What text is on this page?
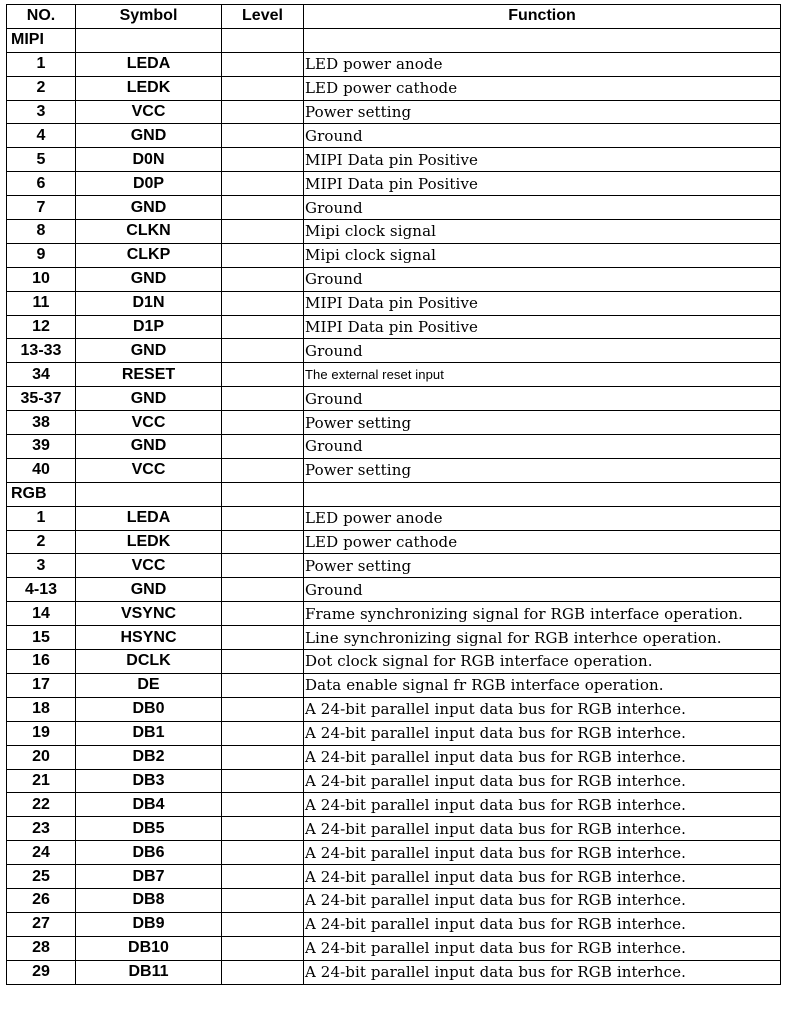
NO.	Symbol	Level	Function
MIPI			
1	LEDA		LED power anode
2	LEDK		LED power cathode
3	VCC		Power setting
4	GND		Ground
5	D0N		MIPI Data pin Positive
6	D0P		MIPI Data pin Positive
7	GND		Ground
8	CLKN		Mipi clock signal
9	CLKP		Mipi clock signal
10	GND		Ground
11	D1N		MIPI Data pin Positive
12	D1P		MIPI Data pin Positive
13-33	GND		Ground
34	RESET		The external reset input
35-37	GND		Ground
38	VCC		Power setting
39	GND		Ground
40	VCC		Power setting
RGB			
1	LEDA		LED power anode
2	LEDK		LED power cathode
3	VCC		Power setting
4-13	GND		Ground
14	VSYNC		Frame synchronizing signal for RGB interface operation.
15	HSYNC		Line synchronizing signal for RGB interhce operation.
16	DCLK		Dot clock signal for RGB interface operation.
17	DE		Data enable signal fr RGB interface operation.
18	DB0		A 24-bit parallel input data bus for RGB interhce.
19	DB1		A 24-bit parallel input data bus for RGB interhce.
20	DB2		A 24-bit parallel input data bus for RGB interhce.
21	DB3		A 24-bit parallel input data bus for RGB interhce.
22	DB4		A 24-bit parallel input data bus for RGB interhce.
23	DB5		A 24-bit parallel input data bus for RGB interhce.
24	DB6		A 24-bit parallel input data bus for RGB interhce.
25	DB7		A 24-bit parallel input data bus for RGB interhce.
26	DB8		A 24-bit parallel input data bus for RGB interhce.
27	DB9		A 24-bit parallel input data bus for RGB interhce.
28	DB10		A 24-bit parallel input data bus for RGB interhce.
29	DB11		A 24-bit parallel input data bus for RGB interhce.
